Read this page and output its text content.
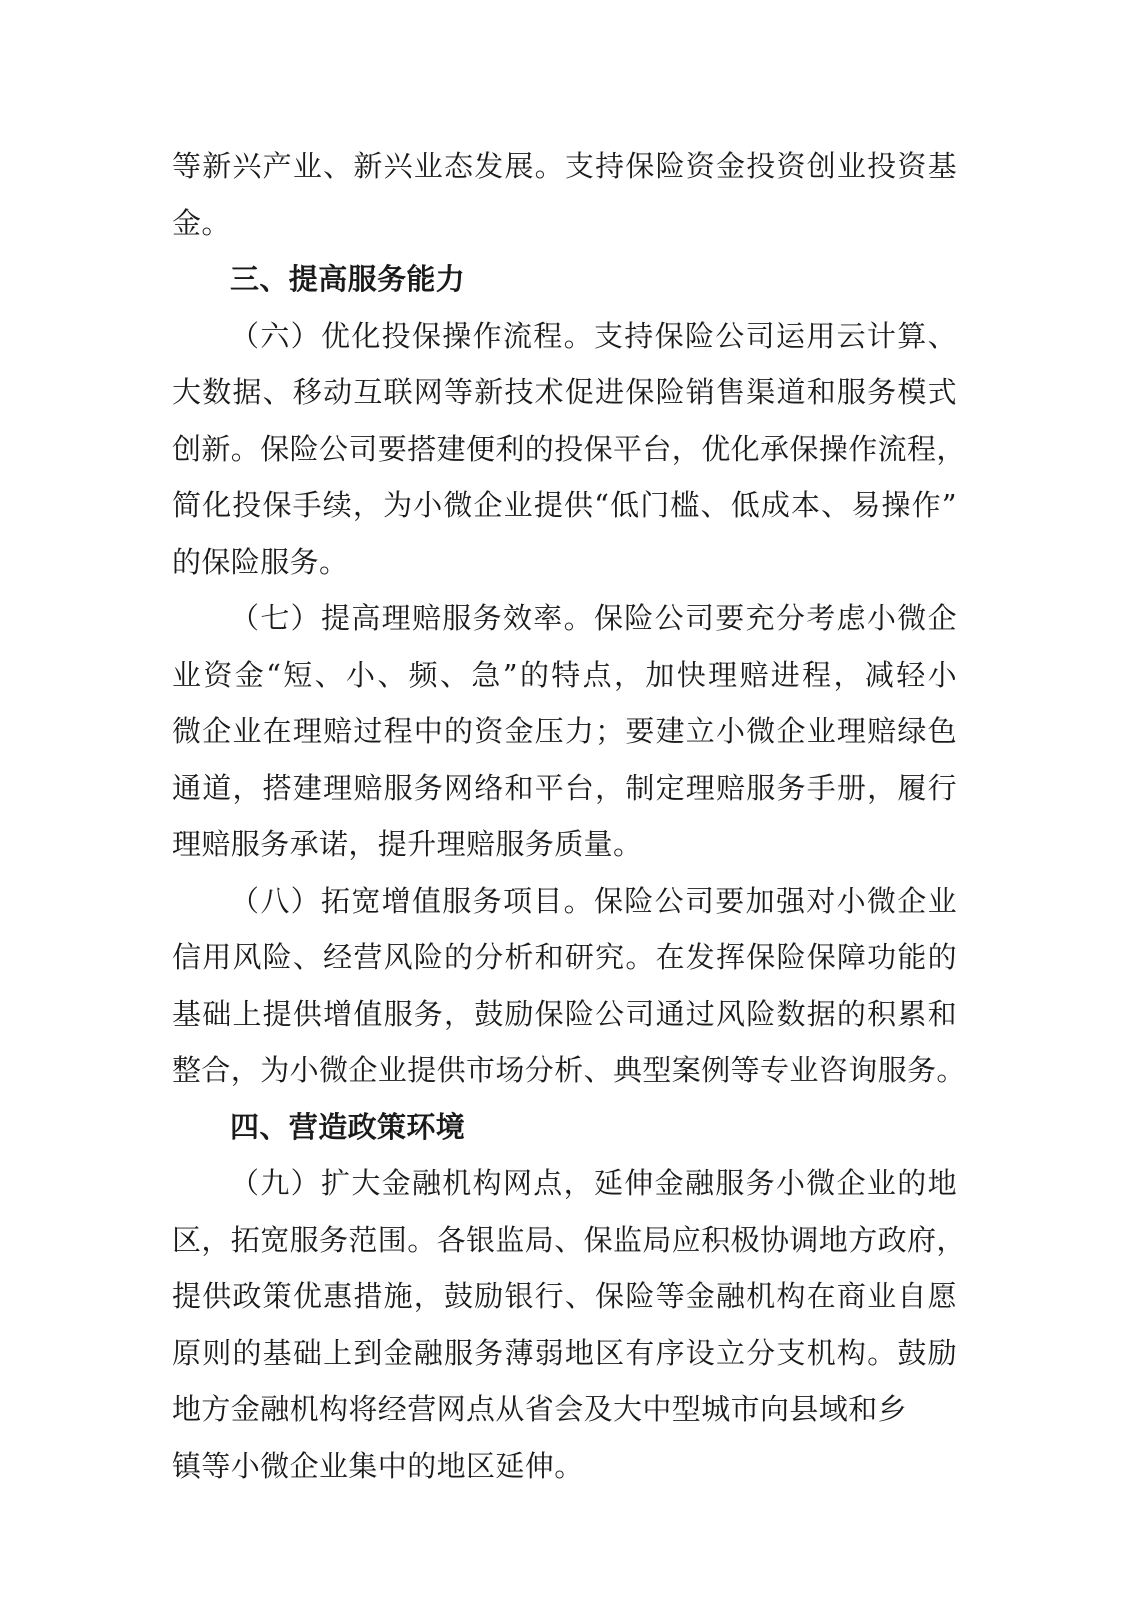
等新兴产业、新兴业态发展。支持保险资金投资创业投资基
金。
三、提高服务能力
（六）优化投保操作流程。支持保险公司运用云计算、
大数据、移动互联网等新技术促进保险销售渠道和服务模式
创新。保险公司要搭建便利的投保平台，优化承保操作流程，
简化投保手续，为小微企业提供“低门槛、低成本、易操作”
的保险服务。
（七）提高理赔服务效率。保险公司要充分考虑小微企
业资金“短、小、频、急”的特点，加快理赔进程，减轻小
微企业在理赔过程中的资金压力；要建立小微企业理赔绿色
通道，搭建理赔服务网络和平台，制定理赔服务手册，履行
理赔服务承诺，提升理赔服务质量。
（八）拓宽增值服务项目。保险公司要加强对小微企业
信用风险、经营风险的分析和研究。在发挥保险保障功能的
基础上提供增值服务，鼓励保险公司通过风险数据的积累和
整合，为小微企业提供市场分析、典型案例等专业咨询服务。
四、营造政策环境
（九）扩大金融机构网点，延伸金融服务小微企业的地
区，拓宽服务范围。各银监局、保监局应积极协调地方政府，
提供政策优惠措施，鼓励银行、保险等金融机构在商业自愿
原则的基础上到金融服务薄弱地区有序设立分支机构。鼓励
地方金融机构将经营网点从省会及大中型城市向县域和乡
镇等小微企业集中的地区延伸。
